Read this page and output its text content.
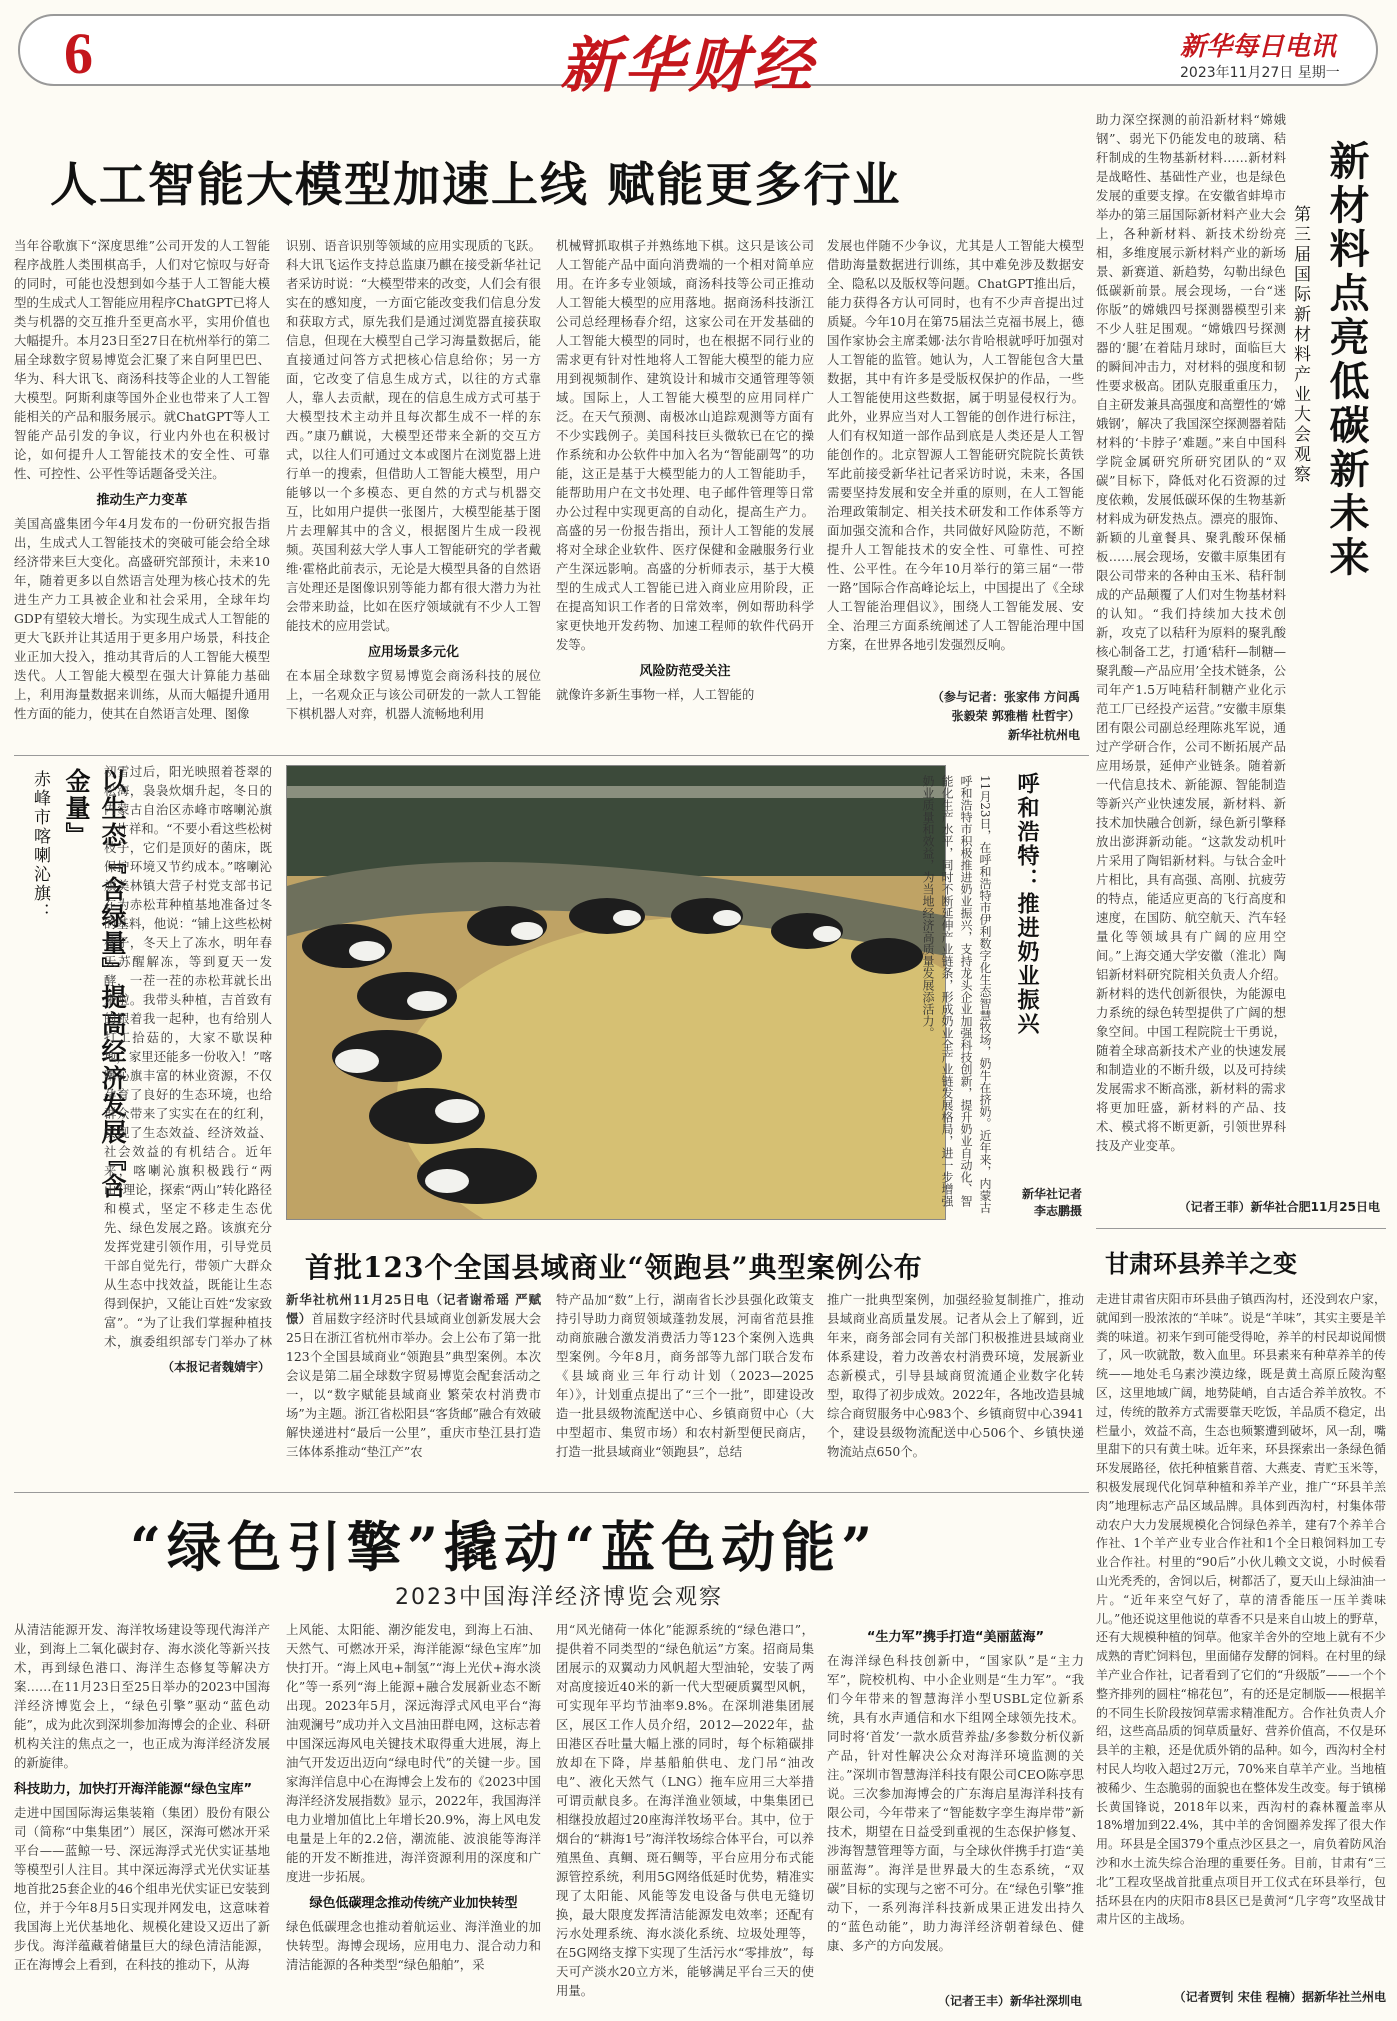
6	新华财经	新华每日电讯
2023年11月27日 星期一
人工智能大模型加速上线 赋能更多行业

当年谷歌旗下“深度思维”公司开发的人工智能程序战胜人类围棋高手，人们对它惊叹与好奇的同时，可能也没想到如今基于人工智能大模型的生成式人工智能应用程序ChatGPT已将人类与机器的交互推升至更高水平，实用价值也大幅提升。本月23日至27日在杭州举行的第二届全球数字贸易博览会汇聚了来自阿里巴巴、华为、科大讯飞、商汤科技等企业的人工智能大模型。阿斯利康等国外企业也带来了人工智能相关的产品和服务展示。就ChatGPT等人工智能产品引发的争议，行业内外也在积极讨论，如何提升人工智能技术的安全性、可靠性、可控性、公平性等话题备受关注。

推动生产力变革

美国高盛集团今年4月发布的一份研究报告指出，生成式人工智能技术的突破可能会给全球经济带来巨大变化。高盛研究部预计，未来10年，随着更多以自然语言处理为核心技术的先进生产力工具被企业和社会采用，全球年均GDP有望较大增长。为实现生成式人工智能的更大飞跃并让其适用于更多用户场景，科技企业正加大投入，推动其背后的人工智能大模型迭代。人工智能大模型在强大计算能力基础上，利用海量数据来训练，从而大幅提升通用性方面的能力，使其在自然语言处理、图像

识别、语音识别等领域的应用实现质的飞跃。科大讯飞运作支持总监康乃麒在接受新华社记者采访时说：“大模型带来的改变，人们会有很实在的感知度，一方面它能改变我们信息分发和获取方式，原先我们是通过浏览器直接获取信息，但现在大模型自己学习海量数据后，能直接通过问答方式把核心信息给你；另一方面，它改变了信息生成方式，以往的方式靠人，靠人去贡献，现在的信息生成方式可基于大模型技术主动并且每次都生成不一样的东西。”康乃麒说，大模型还带来全新的交互方式，以往人们可通过文本或图片在浏览器上进行单一的搜索，但借助人工智能大模型，用户能够以一个多模态、更自然的方式与机器交互，比如用户提供一张图片，大模型能基于图片去理解其中的含义，根据图片生成一段视频。英国利兹大学人事人工智能研究的学者戴维·霍格此前表示，无论是大模型具备的自然语言处理还是图像识别等能力都有很大潜力为社会带来助益，比如在医疗领域就有不少人工智能技术的应用尝试。

应用场景多元化

在本届全球数字贸易博览会商汤科技的展位上，一名观众正与该公司研发的一款人工智能下棋机器人对弈，机器人流畅地利用

机械臂抓取棋子并熟练地下棋。这只是该公司人工智能产品中面向消费端的一个相对简单应用。在许多专业领域，商汤科技等公司正推动人工智能大模型的应用落地。据商汤科技浙江公司总经理杨春介绍，这家公司在开发基础的人工智能大模型的同时，也在根据不同行业的需求更有针对性地将人工智能大模型的能力应用到视频制作、建筑设计和城市交通管理等领域。国际上，人工智能大模型的应用同样广泛。在天气预测、南极冰山追踪观测等方面有不少实践例子。美国科技巨头微软已在它的操作系统和办公软件中加入名为“智能副驾”的功能，这正是基于大模型能力的人工智能助手，能帮助用户在文书处理、电子邮件管理等日常办公过程中实现更高的自动化，提高生产力。高盛的另一份报告指出，预计人工智能的发展将对全球企业软件、医疗保健和金融服务行业产生深远影响。高盛的分析师表示，基于大模型的生成式人工智能已进入商业应用阶段，正在提高知识工作者的日常效率，例如帮助科学家更快地开发药物、加速工程师的软件代码开发等。

风险防范受关注

就像许多新生事物一样，人工智能的

发展也伴随不少争议，尤其是人工智能大模型借助海量数据进行训练，其中难免涉及数据安全、隐私以及版权等问题。ChatGPT推出后，能力获得各方认可同时，也有不少声音提出过质疑。今年10月在第75届法兰克福书展上，德国作家协会主席柔娜·法尔肯哈根就呼吁加强对人工智能的监管。她认为，人工智能包含大量数据，其中有许多是受版权保护的作品，一些人工智能使用这些数据，属于明显侵权行为。此外，业界应当对人工智能的创作进行标注，人们有权知道一部作品到底是人类还是人工智能创作的。北京智源人工智能研究院院长黄铁军此前接受新华社记者采访时说，未来，各国需要坚持发展和安全并重的原则，在人工智能治理政策制定、相关技术研发和工作体系等方面加强交流和合作，共同做好风险防范，不断提升人工智能技术的安全性、可靠性、可控性、公平性。在今年10月举行的第三届“一带一路”国际合作高峰论坛上，中国提出了《全球人工智能治理倡议》，围绕人工智能发展、安全、治理三方面系统阐述了人工智能治理中国方案，在世界各地引发强烈反响。

（参与记者：张家伟 方问禹
张毅荣 郭雅楷 杜哲宇）
新华社杭州电

助力深空探测的前沿新材料“嫦娥钢”、弱光下仍能发电的玻璃、秸秆制成的生物基新材料……新材料是战略性、基础性产业，也是绿色发展的重要支撑。在安徽省蚌埠市举办的第三届国际新材料产业大会上，各种新材料、新技术纷纷亮相，多维度展示新材料产业的新场景、新赛道、新趋势，勾勒出绿色低碳新前景。展会现场，一台“迷你版”的嫦娥四号探测器模型引来不少人驻足围观。“嫦娥四号探测器的‘腿’在着陆月球时，面临巨大的瞬间冲击力，对材料的强度和韧性要求极高。团队克服重重压力，自主研发兼具高强度和高塑性的‘嫦娥钢’，解决了我国深空探测器着陆材料的‘卡脖子’难题。”来自中国科学院金属研究所研究团队的“双碳”目标下，降低对化石资源的过度依赖，发展低碳环保的生物基新材料成为研发热点。漂亮的服饰、新颖的儿童餐具、聚乳酸环保桶板……展会现场，安徽丰原集团有限公司带来的各种由玉米、秸秆制成的产品颠覆了人们对生物基材料的认知。“我们持续加大技术创新，攻克了以秸秆为原料的聚乳酸核心制备工艺，打通‘秸秆—制糖—聚乳酸—产品应用’全技术链条，公司年产1.5万吨秸秆制糖产业化示范工厂已经投产运营。”安徽丰原集团有限公司副总经理陈兆军说，通过产学研合作，公司不断拓展产品应用场景，延伸产业链条。随着新一代信息技术、新能源、智能制造等新兴产业快速发展，新材料、新技术加快融合创新，绿色新引擎释放出澎湃新动能。“这款发动机叶片采用了陶铝新材料。与钛合金叶片相比，具有高强、高刚、抗疲劳的特点，能适应更高的飞行高度和速度，在国防、航空航天、汽车轻量化等领域具有广阔的应用空间。”上海交通大学安徽（淮北）陶铝新材料研究院相关负责人介绍。新材料的迭代创新很快，为能源电力系统的绿色转型提供了广阔的想象空间。中国工程院院士干勇说，随着全球高新技术产业的快速发展和制造业的不断升级，以及可持续发展需求不断高涨，新材料的需求将更加旺盛，新材料的产品、技术、模式将不断更新，引领世界科技及产业变革。

新材料点亮低碳新未来
第三届国际新材料产业大会观察
（记者王菲）新华社合肥11月25日电
以生态『含绿量』提高经济发展『含金量』
赤峰市喀喇沁旗：	初雪过后，阳光映照着苍翠的松海，袅袅炊烟升起，冬日的内蒙古自治区赤峰市喀喇沁旗一片祥和。“不要小看这些松树枝子，它们是顶好的菌床，既保护环境又节约成本。”喀喇沁旗美林镇大营子村党支部书记在为赤松茸种植基地准备过冬的基料，他说：“铺上这些松树枝子，冬天上了冻水，明年春天苏醒解冻，等到夏天一发酵，一茬一茬的赤松茸就长出来啦。我带头种植，吉首致有的跟着我一起种，也有给别人打工拾菇的，大家不歇误种地，家里还能多一份收入！”喀喇沁旗丰富的林业资源，不仅孕育了良好的生态环境，也给群众带来了实实在在的红利，实现了生态效益、经济效益、社会效益的有机结合。近年来，喀喇沁旗积极践行“两山”理论，探索“两山”转化路径和模式，坚定不移走生态优先、绿色发展之路。该旗充分发挥党建引领作用，引导党员干部自觉先行，带领广大群众从生态中找效益，既能让生态得到保护，又能让百姓“发家致富”。“为了让我们掌握种植技术，旗委组织部专门举办了林

（本报记者魏婧宇）
11月23日，在呼和浩特市伊利数字化生态智慧牧场，奶牛在挤奶。近年来，内蒙古呼和浩特市积极推进奶业振兴，支持龙头企业加强科技创新，提升奶业自动化、智能化生产水平，同时不断延伸产业链条，形成奶业全产业链发展格局，进一步增强奶业质量和效益，为当地经济高质量发展添活力。	呼和浩特：推进奶业振兴
新华社记者
李志鹏摄
首批123个全国县域商业“领跑县”典型案例公布

新华社杭州11月25日电（记者谢希瑶 严赋憬）首届数字经济时代县域商业创新发展大会25日在浙江省杭州市举办。会上公布了第一批123个全国县域商业“领跑县”典型案例。本次会议是第二届全球数字贸易博览会配套活动之一，以“数字赋能县域商业 繁荣农村消费市场”为主题。浙江省松阳县“客货邮”融合有效破解快递进村“最后一公里”，重庆市垫江县打造三体体系推动“垫江产”农

特产品加“数”上行，湖南省长沙县强化政策支持引导助力商贸领域蓬勃发展，河南省范县推动商旅融合激发消费活力等123个案例入选典型案例。今年8月，商务部等九部门联合发布《县域商业三年行动计划（2023—2025年）》，计划重点提出了“三个一批”，即建设改造一批县级物流配送中心、乡镇商贸中心（大中型超市、集贸市场）和农村新型便民商店，打造一批县域商业“领跑县”，总结

推广一批典型案例，加强经验复制推广，推动县域商业高质量发展。记者从会上了解到，近年来，商务部会同有关部门积极推进县域商业体系建设，着力改善农村消费环境，发展新业态新模式，引导县域商贸流通企业数字化转型，取得了初步成效。2022年，各地改造县城综合商贸服务中心983个、乡镇商贸中心3941个，建设县级物流配送中心506个、乡镇快递物流站点650个。

甘肃环县养羊之变

走进甘肃省庆阳市环县曲子镇西沟村，还没到农户家，就闻到一股浓浓的“羊味”。说是“羊味”，其实主要是羊粪的味道。初来乍到可能受得呛，养羊的村民却说闻惯了，风一吹就散，数入血里。环县素来有种草养羊的传统——地处毛乌素沙漠边缘，既是黄土高原丘陵沟壑区，这里地域广阔，地势陡峭，自古适合养羊放牧。不过，传统的散养方式需要靠天吃饭，羊品质不稳定，出栏量小，效益不高，生态也频繁遭到破坏，风一刮，嘴里甜下的只有黄土味。近年来，环县探索出一条绿色循环发展路径，依托种植紫苜蓿、大燕麦、青贮玉米等，积极发展现代化饲草种植和养羊产业，推广“环县羊羔肉”地理标志产品区域品牌。具体到西沟村，村集体带动农户大力发展规模化合饲绿色养羊，建有7个养羊合作社、1个羊产业专业合作社和1个全日粮饲料加工专业合作社。村里的“90后”小伙儿赖文文说，小时候看山光秃秃的，舍饲以后，树都活了，夏天山上绿油油一片。“近年来空气好了，草的清香能压一压羊粪味儿。”他还说这里他说的草香不只是来自山坡上的野草，还有大规模种植的饲草。他家羊舍外的空地上就有不少成熟的青贮饲料包，里面储存发酵的饲料。在村里的绿羊产业合作社，记者看到了它们的“升级版”——一个个整齐排列的圆柱“棉花包”，有的还是定制版——根据羊的不同生长阶段按饲草需求精准配方。合作社负责人介绍，这些高品质的饲草质量好、营养价值高，不仅是环县羊的主粮，还是优质外销的品种。如今，西沟村全村村民人均收入超过2万元，70%来自草羊产业。当地植被稀少、生态脆弱的面貌也在整体发生改变。每于镇梯长黄国锋说，2018年以来，西沟村的森林覆盖率从18%增加到22.4%，其中羊的舍饲圈养发挥了很大作用。环县是全国379个重点沙区县之一，肩负着防风治沙和水土流失综合治理的重要任务。目前，甘肃有“三北”工程攻坚战首批重点项目开工仪式在环县举行，包括环县在内的庆阳市8县区已是黄河“几字弯”攻坚战甘肃片区的主战场。

（记者贾钊 宋佳 程楠）据新华社兰州电
“绿色引擎”撬动“蓝色动能”
2023中国海洋经济博览会观察

从清洁能源开发、海洋牧场建设等现代海洋产业，到海上二氧化碳封存、海水淡化等新兴技术，再到绿色港口、海洋生态修复等解决方案……在11月23日至25日举办的2023中国海洋经济博览会上，“绿色引擎”驱动“蓝色动能”，成为此次到深圳参加海博会的企业、科研机构关注的焦点之一，也正成为海洋经济发展的新旋律。

科技助力，加快打开海洋能源“绿色宝库”

走进中国国际海运集装箱（集团）股份有限公司（简称“中集集团”）展区，深海可燃冰开采平台——蓝鲸一号、深远海浮式光伏实证基地等模型引人注目。其中深远海浮式光伏实证基地首批25套企业的46个组串光伏实证已安装到位，并于今年8月5日实现并网发电，这意味着我国海上光伏基地化、规模化建设又迈出了新步伐。海洋蕴藏着储量巨大的绿色清洁能源，正在海博会上看到，在科技的推动下，从海

上风能、太阳能、潮汐能发电，到海上石油、天然气、可燃冰开采，海洋能源“绿色宝库”加快打开。“海上风电+制氢”“海上光伏+海水淡化”等一系列“海上能源+融合发展新业态不断出现。2023年5月，深远海浮式风电平台“海油观澜号”成功并入文昌油田群电网，这标志着中国深远海风电关键技术取得重大进展，海上油气开发迈出迈向“绿电时代”的关键一步。国家海洋信息中心在海博会上发布的《2023中国海洋经济发展指数》显示，2022年，我国海洋电力业增加值比上年增长20.9%，海上风电发电量是上年的2.2倍，潮流能、波浪能等海洋能的开发不断推进，海洋资源利用的深度和广度进一步拓展。

绿色低碳理念推动传统产业加快转型

绿色低碳理念也推动着航运业、海洋渔业的加快转型。海博会现场，应用电力、混合动力和清洁能源的各种类型“绿色船舶”，采

用“风光储荷一体化”能源系统的“绿色港口”，提供着不同类型的“绿色航运”方案。招商局集团展示的双翼动力风帆超大型油轮，安装了两对高度接近40米的新一代大型硬质翼型风帆，可实现年平均节油率9.8%。在深圳港集团展区，展区工作人员介绍，2012—2022年，盐田港区吞吐量大幅上涨的同时，每个标箱碳排放却在下降，岸基船舶供电、龙门吊“油改电”、液化天然气（LNG）拖车应用三大举措可谓贡献良多。在海洋渔业领域，中集集团已相继投放超过20座海洋牧场平台。其中，位于烟台的“耕海1号”海洋牧场综合体平台，可以养殖黑鱼、真鲷、斑石鲷等，平台应用分布式能源管控系统，利用5G网络低延时优势，精准实现了太阳能、风能等发电设备与供电无缝切换，最大限度发挥清洁能源发电效率；还配有污水处理系统、海水淡化系统、垃圾处理等，在5G网络支撑下实现了生活污水“零排放”，每天可产淡水20立方米，能够满足平台三天的使用量。

“生力军”携手打造“美丽蓝海”

在海洋绿色科技创新中，“国家队”是“主力军”，院校机构、中小企业则是“生力军”。“我们今年带来的智慧海洋小型USBL定位新系统，具有水声通信和水下组网全球领先技术。同时将‘首发’一款水质营养盐/多参数分析仪新产品，针对性解决公众对海洋环境监测的关注。”深圳市智慧海洋科技有限公司CEO陈亭思说。三次参加海博会的广东海启星海洋科技有限公司，今年带来了“智能数字孪生海岸带”新技术，期望在日益受到重视的生态保护修复、涉海智慧管理等方面，与全球伙伴携手打造“美丽蓝海”。海洋是世界最大的生态系统，“双碳”目标的实现与之密不可分。在“绿色引擎”推动下，一系列海洋科技新成果正进发出持久的“蓝色动能”，助力海洋经济朝着绿色、健康、多产的方向发展。

（记者王丰）新华社深圳电
